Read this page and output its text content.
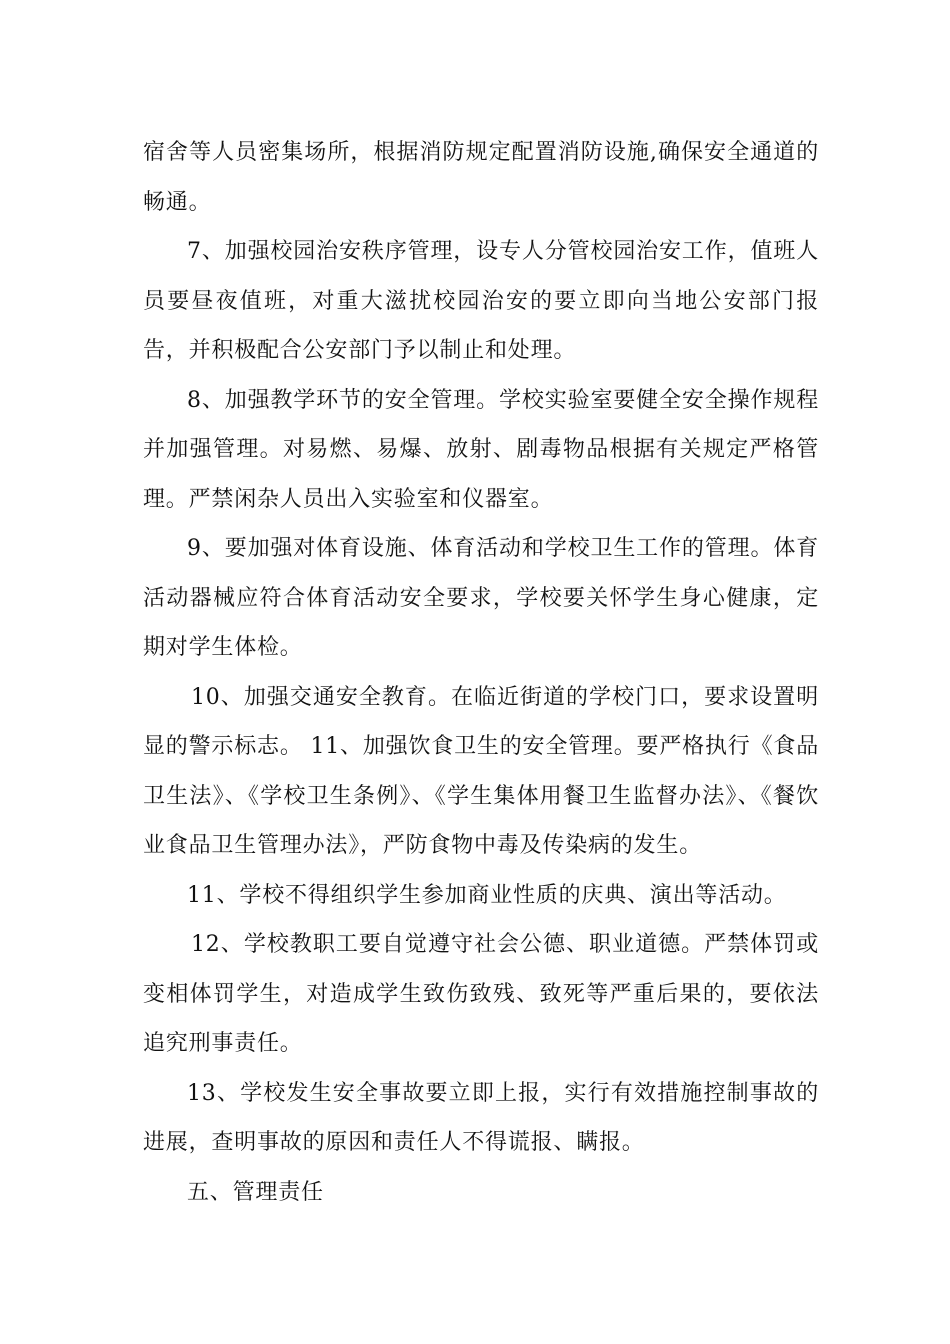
宿舍等人员密集场所，根据消防规定配置消防设施,确保安全通道的畅通。

7、加强校园治安秩序管理，设专人分管校园治安工作，值班人员要昼夜值班，对重大滋扰校园治安的要立即向当地公安部门报告，并积极配合公安部门予以制止和处理。

8、加强教学环节的安全管理。学校实验室要健全安全操作规程并加强管理。对易燃、易爆、放射、剧毒物品根据有关规定严格管理。严禁闲杂人员出入实验室和仪器室。

9、要加强对体育设施、体育活动和学校卫生工作的管理。体育活动器械应符合体育活动安全要求，学校要关怀学生身心健康，定期对学生体检。

10、加强交通安全教育。在临近街道的学校门口，要求设置明显的警示标志。 11、加强饮食卫生的安全管理。要严格执行《食品卫生法》、《学校卫生条例》、《学生集体用餐卫生监督办法》、《餐饮业食品卫生管理办法》，严防食物中毒及传染病的发生。

11、学校不得组织学生参加商业性质的庆典、演出等活动。

12、学校教职工要自觉遵守社会公德、职业道德。严禁体罚或变相体罚学生，对造成学生致伤致残、致死等严重后果的，要依法追究刑事责任。

13、学校发生安全事故要立即上报，实行有效措施控制事故的进展，查明事故的原因和责任人不得谎报、瞒报。

五、管理责任
